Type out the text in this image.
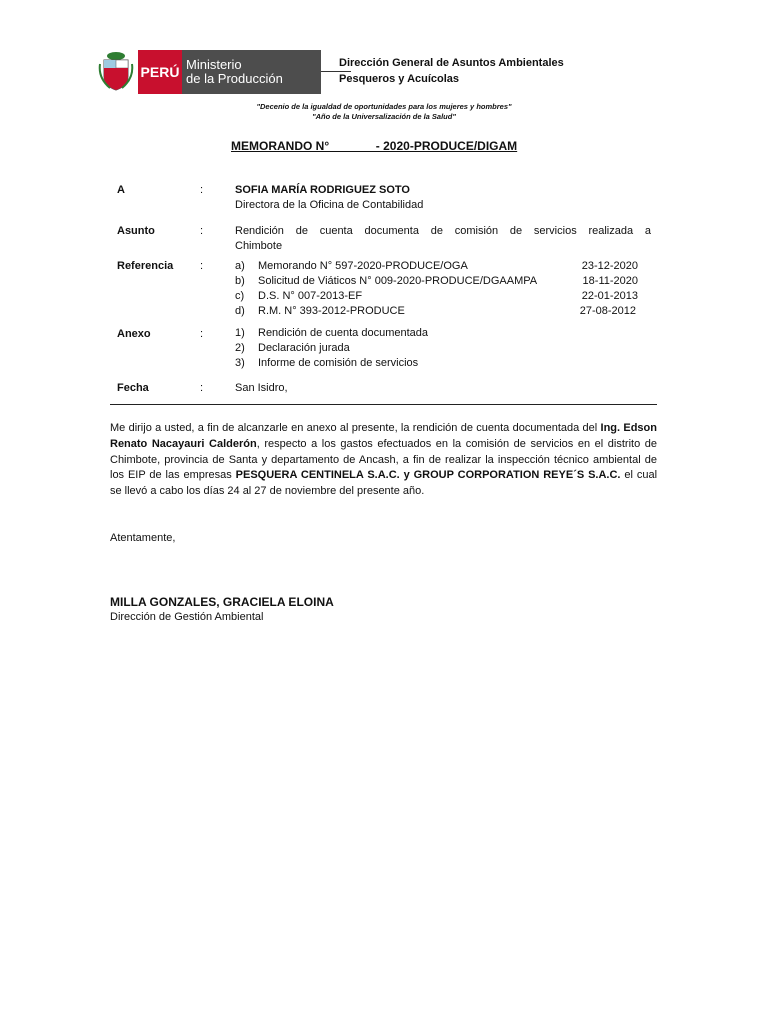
PERÚ Ministerio
de la Producción
Dirección General de Asuntos Ambientales
Pesqueros y Acuícolas
"Decenio de la igualdad de oportunidades para los mujeres y hombres"
"Año de la Universalización de la Salud"
MEMORANDO N°              - 2020-PRODUCE/DIGAM
A	:	SOFIA MARÍA RODRIGUEZ SOTO
Directora de la Oficina de Contabilidad
Asunto	:	Rendición de cuenta documenta de comisión de servicios realizada a
Chimbote
Referencia :	a) Memorando N° 597-2020-PRODUCE/OGA	23-12-2020
b) Solicitud de Viáticos N° 009-2020-PRODUCE/DGAAMPA	18-11-2020
c) D.S. N° 007-2013-EF	22-01-2013
d) R.M. N° 393-2012-PRODUCE	27-08-2012
Anexo	:	1) Rendición de cuenta documentada
2) Declaración jurada
3) Informe de comisión de servicios
Fecha	:	San Isidro,
Me dirijo a usted, a fin de alcanzarle en anexo al presente, la rendición de cuenta documentada del Ing. Edson Renato Nacayauri Calderón, respecto a los gastos efectuados en la comisión de servicios en el distrito de Chimbote, provincia de Santa y departamento de Ancash, a fin de realizar la inspección técnico ambiental de los EIP de las empresas PESQUERA CENTINELA S.A.C. y GROUP CORPORATION REYE´S S.A.C. el cual se llevó a cabo los días 24 al 27 de noviembre del presente año.
Atentamente,
MILLA GONZALES, GRACIELA ELOINA
Dirección de Gestión Ambiental
